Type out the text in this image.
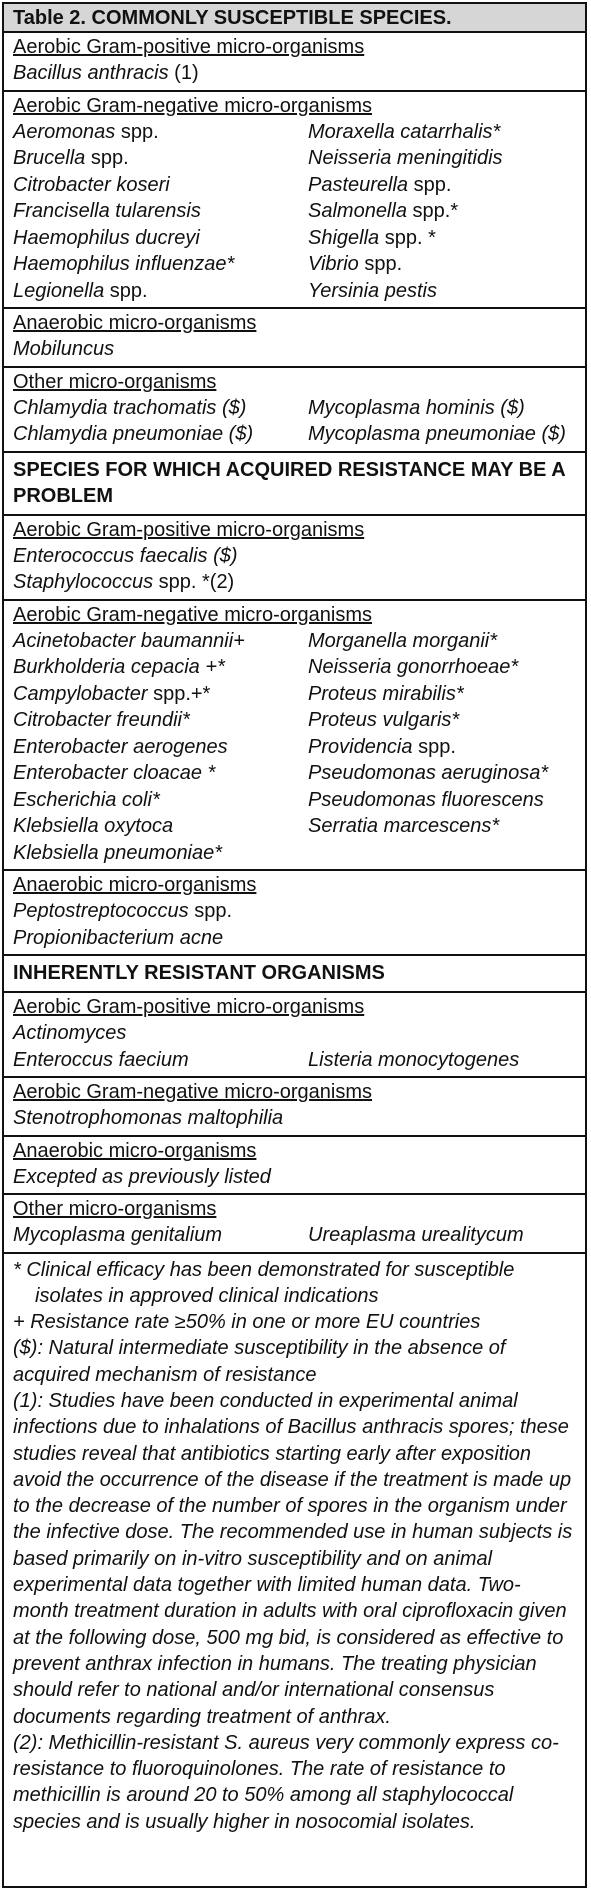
Table 2. COMMONLY SUSCEPTIBLE SPECIES.
Aerobic Gram-positive micro-organisms
Bacillus anthracis (1)
Aerobic Gram-negative micro-organisms
Aeromonas spp.	Moraxella catarrhalis*
Brucella spp.	Neisseria meningitidis
Citrobacter koseri	Pasteurella spp.
Francisella tularensis	Salmonella spp.*
Haemophilus ducreyi	Shigella spp. *
Haemophilus influenzae*	Vibrio spp.
Legionella spp.	Yersinia pestis
Anaerobic micro-organisms
Mobiluncus
Other micro-organisms
Chlamydia trachomatis ($)	Mycoplasma hominis ($)
Chlamydia pneumoniae ($)	Mycoplasma pneumoniae ($)
SPECIES FOR WHICH ACQUIRED RESISTANCE MAY BE A PROBLEM
Aerobic Gram-positive micro-organisms
Enterococcus faecalis ($)
Staphylococcus spp. *(2)
Aerobic Gram-negative micro-organisms
Acinetobacter baumannii+	Morganella morganii*
Burkholderia cepacia +*	Neisseria gonorrhoeae*
Campylobacter spp.+*	Proteus mirabilis*
Citrobacter freundii*	Proteus vulgaris*
Enterobacter aerogenes	Providencia spp.
Enterobacter cloacae *	Pseudomonas aeruginosa*
Escherichia coli*	Pseudomonas fluorescens
Klebsiella oxytoca	Serratia marcescens*
Klebsiella pneumoniae*
Anaerobic micro-organisms
Peptostreptococcus spp.
Propionibacterium acne
INHERENTLY RESISTANT ORGANISMS
Aerobic Gram-positive micro-organisms
Actinomyces
Enteroccus faecium	Listeria monocytogenes
Aerobic Gram-negative micro-organisms
Stenotrophomonas maltophilia
Anaerobic micro-organisms
Excepted as previously listed
Other micro-organisms
Mycoplasma genitalium	Ureaplasma urealitycum
* Clinical efficacy has been demonstrated for susceptible isolates in approved clinical indications
+ Resistance rate ≥50% in one or more EU countries
($): Natural intermediate susceptibility in the absence of acquired mechanism of resistance
(1): Studies have been conducted in experimental animal infections due to inhalations of Bacillus anthracis spores; these studies reveal that antibiotics starting early after exposition avoid the occurrence of the disease if the treatment is made up to the decrease of the number of spores in the organism under the infective dose. The recommended use in human subjects is based primarily on in-vitro susceptibility and on animal experimental data together with limited human data. Two-month treatment duration in adults with oral ciprofloxacin given at the following dose, 500 mg bid, is considered as effective to prevent anthrax infection in humans. The treating physician should refer to national and/or international consensus documents regarding treatment of anthrax.
(2): Methicillin-resistant S. aureus very commonly express co-resistance to fluoroquinolones. The rate of resistance to methicillin is around 20 to 50% among all staphylococcal species and is usually higher in nosocomial isolates.
